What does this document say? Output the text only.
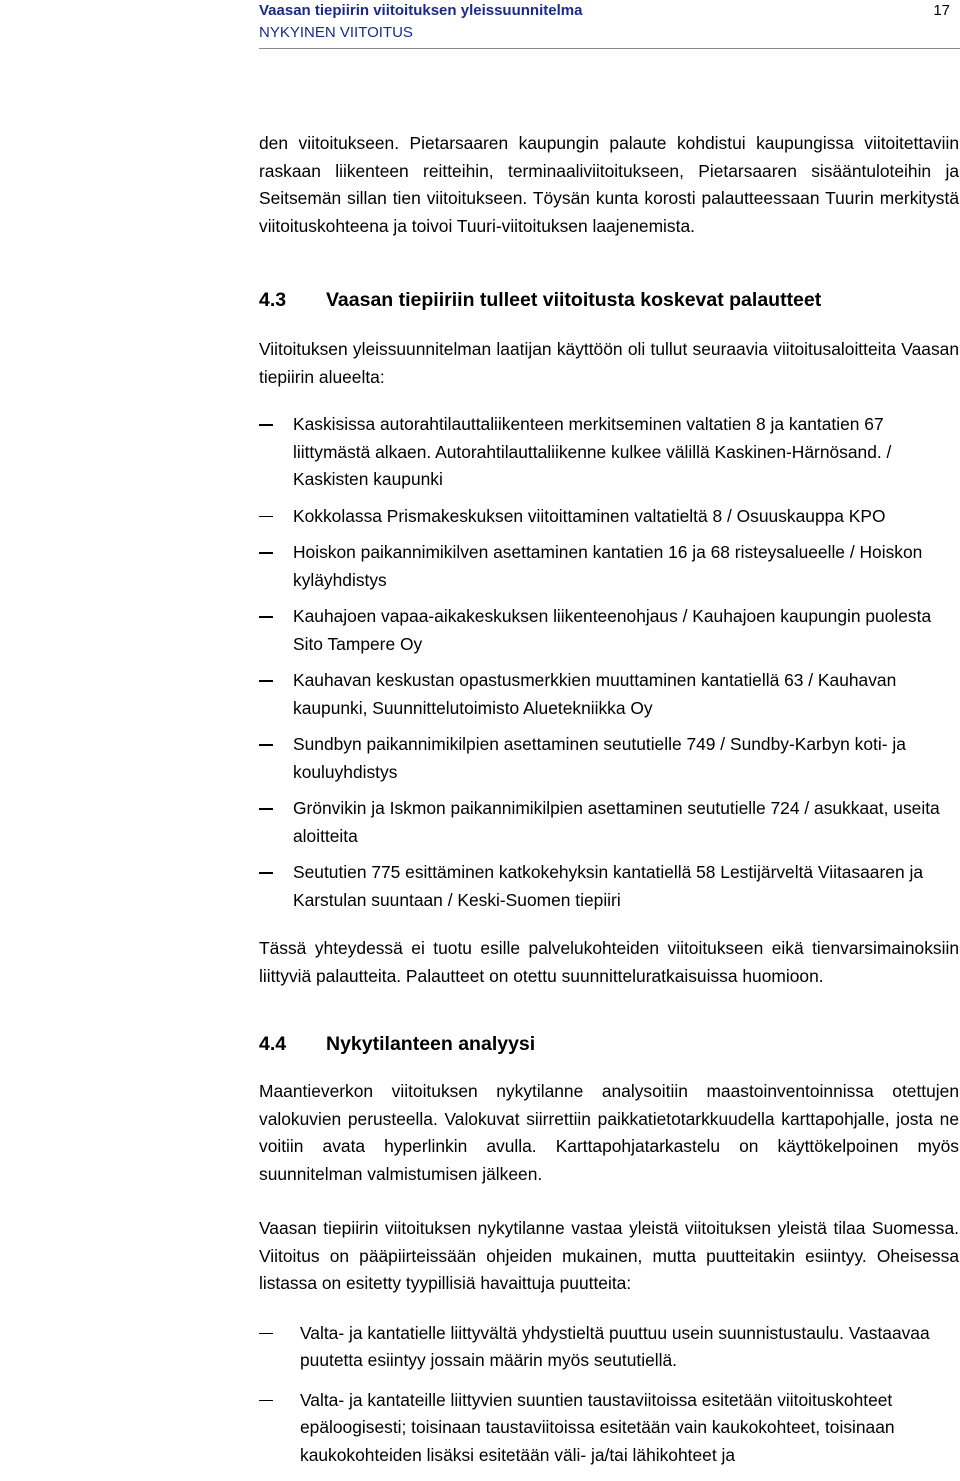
Vaasan tiepiirin viitoituksen yleissuunnitelma
NYKYINEN VIITOITUS
17

den viitoitukseen. Pietarsaaren kaupungin palaute kohdistui kaupungissa viitoitettaviin raskaan liikenteen reitteihin, terminaaliviitoitukseen, Pietarsaaren sisääntuloteihin ja Seitsemän sillan tien viitoitukseen. Töysän kunta korosti palautteessaan Tuurin merkitystä viitoituskohteena ja toivoi Tuuri-viitoituksen laajenemista.

4.3	Vaasan tiepiiriin tulleet viitoitusta koskevat palautteet

Viitoituksen yleissuunnitelman laatijan käyttöön oli tullut seuraavia viitoitusaloitteita Vaasan tiepiirin alueelta:

Kaskisissa autorahtilauttaliikenteen merkitseminen valtatien 8 ja kantatien 67 liittymästä alkaen. Autorahtilauttaliikenne kulkee välillä Kaskinen-Härnösand. / Kaskisten kaupunki
Kokkolassa Prismakeskuksen viitoittaminen valtatieltä 8 / Osuuskauppa KPO
Hoiskon paikannimikilven asettaminen kantatien 16 ja 68 risteysalueelle / Hoiskon kyläyhdistys
Kauhajoen vapaa-aikakeskuksen liikenteenohjaus / Kauhajoen kaupungin puolesta Sito Tampere Oy
Kauhavan keskustan opastusmerkkien muuttaminen kantatiellä 63 / Kauhavan kaupunki, Suunnittelutoimisto Aluetekniikka Oy
Sundbyn paikannimikilpien asettaminen seututielle 749 / Sundby-Karbyn koti- ja kouluyhdistys
Grönvikin ja Iskmon paikannimikilpien asettaminen seututielle 724 / asukkaat, useita aloitteita
Seututien 775 esittäminen katkokehyksin kantatiellä 58 Lestijärveltä Viitasaaren ja Karstulan suuntaan / Keski-Suomen tiepiiri

Tässä yhteydessä ei tuotu esille palvelukohteiden viitoitukseen eikä tienvarsimainoksiin liittyviä palautteita. Palautteet on otettu suunnitteluratkaisuissa huomioon.

4.4	Nykytilanteen analyysi

Maantieverkon viitoituksen nykytilanne analysoitiin maastoinventoinnissa otettujen valokuvien perusteella. Valokuvat siirrettiin paikkatietotarkkuudella karttapohjalle, josta ne voitiin avata hyperlinkin avulla. Karttapohjatarkastelu on käyttökelpoinen myös suunnitelman valmistumisen jälkeen.

Vaasan tiepiirin viitoituksen nykytilanne vastaa yleistä viitoituksen yleistä tilaa Suomessa. Viitoitus on pääpiirteissään ohjeiden mukainen, mutta puutteitakin esiintyy. Oheisessa listassa on esitetty tyypillisiä havaittuja puutteita:

Valta- ja kantatielle liittyvältä yhdystieltä puuttuu usein suunnistustaulu. Vastaavaa puutetta esiintyy jossain määrin myös seututiellä.

Valta- ja kantateille liittyvien suuntien taustaviitoissa esitetään viitoituskohteet epäloogisesti; toisinaan taustaviitoissa esitetään vain kaukokohteet, toisinaan kaukokohteiden lisäksi esitetään väli- ja/tai lähikohteet ja
